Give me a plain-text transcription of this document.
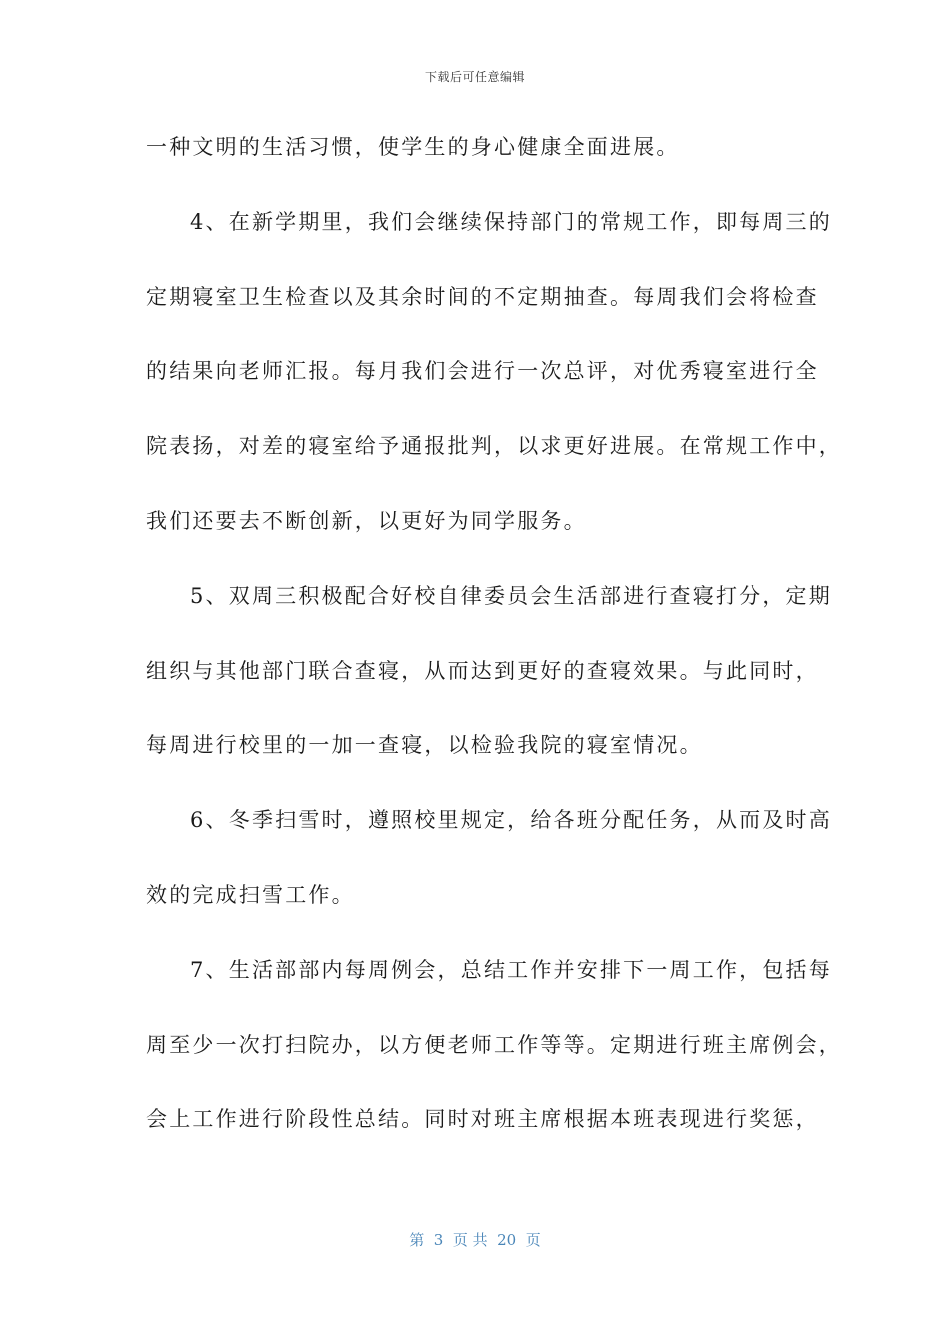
下载后可任意编辑
一种文明的生活习惯，使学生的身心健康全面进展。
4、在新学期里，我们会继续保持部门的常规工作，即每周三的
定期寝室卫生检查以及其余时间的不定期抽查。每周我们会将检查
的结果向老师汇报。每月我们会进行一次总评，对优秀寝室进行全
院表扬，对差的寝室给予通报批判，以求更好进展。在常规工作中，
我们还要去不断创新，以更好为同学服务。
5、双周三积极配合好校自律委员会生活部进行查寝打分，定期
组织与其他部门联合查寝，从而达到更好的查寝效果。与此同时，
每周进行校里的一加一查寝，以检验我院的寝室情况。
6、冬季扫雪时，遵照校里规定，给各班分配任务，从而及时高
效的完成扫雪工作。
7、生活部部内每周例会，总结工作并安排下一周工作，包括每
周至少一次打扫院办，以方便老师工作等等。定期进行班主席例会，
会上工作进行阶段性总结。同时对班主席根据本班表现进行奖惩，
第  3  页 共  20  页
